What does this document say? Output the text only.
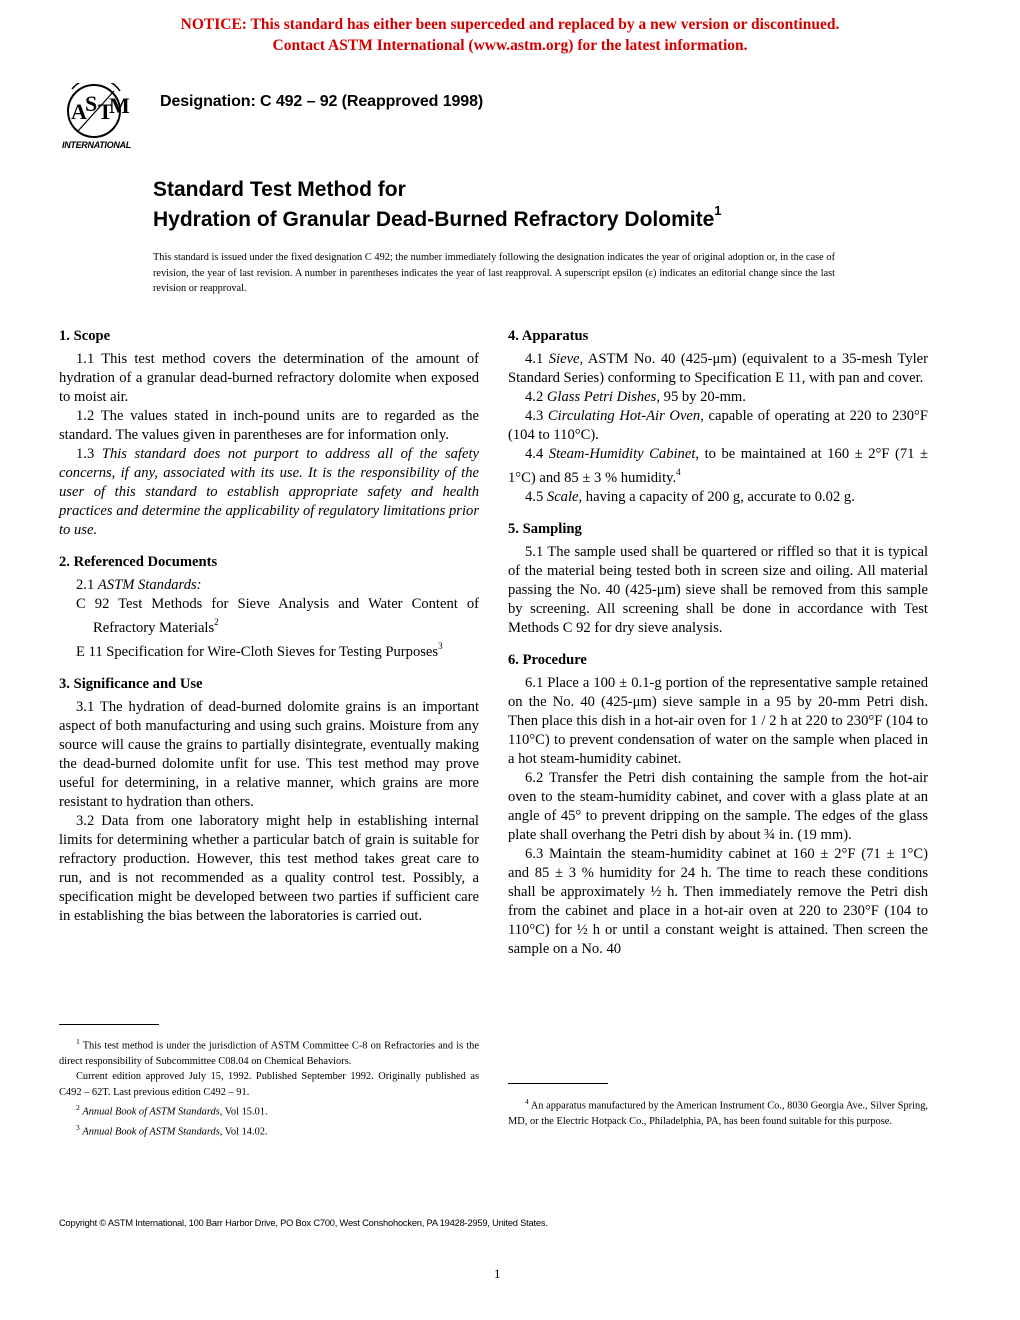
NOTICE: This standard has either been superceded and replaced by a new version or discontinued.
Contact ASTM International (www.astm.org) for the latest information.
A
S T
M
INTERNATIONAL
Designation: C 492 – 92 (Reapproved 1998)
Standard Test Method for
Hydration of Granular Dead-Burned Refractory Dolomite$^1$
This standard is issued under the fixed designation C 492; the number immediately following the designation indicates the year of original adoption or, in the case of revision, the year of last revision. A number in parentheses indicates the year of last reapproval. A superscript epsilon (ε) indicates an editorial change since the last revision or reapproval.
1. Scope

1.1 This test method covers the determination of the amount of hydration of a granular dead-burned refractory dolomite when exposed to moist air.

1.2 The values stated in inch-pound units are to regarded as the standard. The values given in parentheses are for information only.

1.3 This standard does not purport to address all of the safety concerns, if any, associated with its use. It is the responsibility of the user of this standard to establish appropriate safety and health practices and determine the applicability of regulatory limitations prior to use.

2. Referenced Documents

2.1 ASTM Standards:

C 92 Test Methods for Sieve Analysis and Water Content of Refractory Materials$^2$

E 11 Specification for Wire-Cloth Sieves for Testing Purposes$^3$

3. Significance and Use

3.1 The hydration of dead-burned dolomite grains is an important aspect of both manufacturing and using such grains. Moisture from any source will cause the grains to partially disintegrate, eventually making the dead-burned dolomite unfit for use. This test method may prove useful for determining, in a relative manner, which grains are more resistant to hydration than others.

3.2 Data from one laboratory might help in establishing internal limits for determining whether a particular batch of grain is suitable for refractory production. However, this test method takes great care to run, and is not recommended as a quality control test. Possibly, a specification might be developed between two parties if sufficient care in establishing the bias between the laboratories is carried out.

$^1$ This test method is under the jurisdiction of ASTM Committee C-8 on Refractories and is the direct responsibility of Subcommittee C08.04 on Chemical Behaviors.

Current edition approved July 15, 1992. Published September 1992. Originally published as C492 – 62T. Last previous edition C492 – 91.

$^2$ Annual Book of ASTM Standards, Vol 15.01.

$^3$ Annual Book of ASTM Standards, Vol 14.02.

4. Apparatus

4.1 Sieve, ASTM No. 40 (425-μm) (equivalent to a 35-mesh Tyler Standard Series) conforming to Specification E 11, with pan and cover.

4.2 Glass Petri Dishes, 95 by 20-mm.

4.3 Circulating Hot-Air Oven, capable of operating at 220 to 230°F (104 to 110°C).

4.4 Steam-Humidity Cabinet, to be maintained at 160 ± 2°F (71 ± 1°C) and 85 ± 3 % humidity.$^4$

4.5 Scale, having a capacity of 200 g, accurate to 0.02 g.

5. Sampling

5.1 The sample used shall be quartered or riffled so that it is typical of the material being tested both in screen size and oiling. All material passing the No. 40 (425-μm) sieve shall be removed from this sample by screening. All screening shall be done in accordance with Test Methods C 92 for dry sieve analysis.

6. Procedure

6.1 Place a 100 ± 0.1-g portion of the representative sample retained on the No. 40 (425-μm) sieve sample in a 95 by 20-mm Petri dish. Then place this dish in a hot-air oven for 1 / 2 h at 220 to 230°F (104 to 110°C) to prevent condensation of water on the sample when placed in a hot steam-humidity cabinet.

6.2 Transfer the Petri dish containing the sample from the hot-air oven to the steam-humidity cabinet, and cover with a glass plate at an angle of 45° to prevent dripping on the sample. The edges of the glass plate shall overhang the Petri dish by about ¾ in. (19 mm).

6.3 Maintain the steam-humidity cabinet at 160 ± 2°F (71 ± 1°C) and 85 ± 3 % humidity for 24 h. The time to reach these conditions shall be approximately ½ h. Then immediately remove the Petri dish from the cabinet and place in a hot-air oven at 220 to 230°F (104 to 110°C) for ½ h or until a constant weight is attained. Then screen the sample on a No. 40

$^4$ An apparatus manufactured by the American Instrument Co., 8030 Georgia Ave., Silver Spring, MD, or the Electric Hotpack Co., Philadelphia, PA, has been found suitable for this purpose.

Copyright © ASTM International, 100 Barr Harbor Drive, PO Box C700, West Conshohocken, PA 19428-2959, United States.
1
